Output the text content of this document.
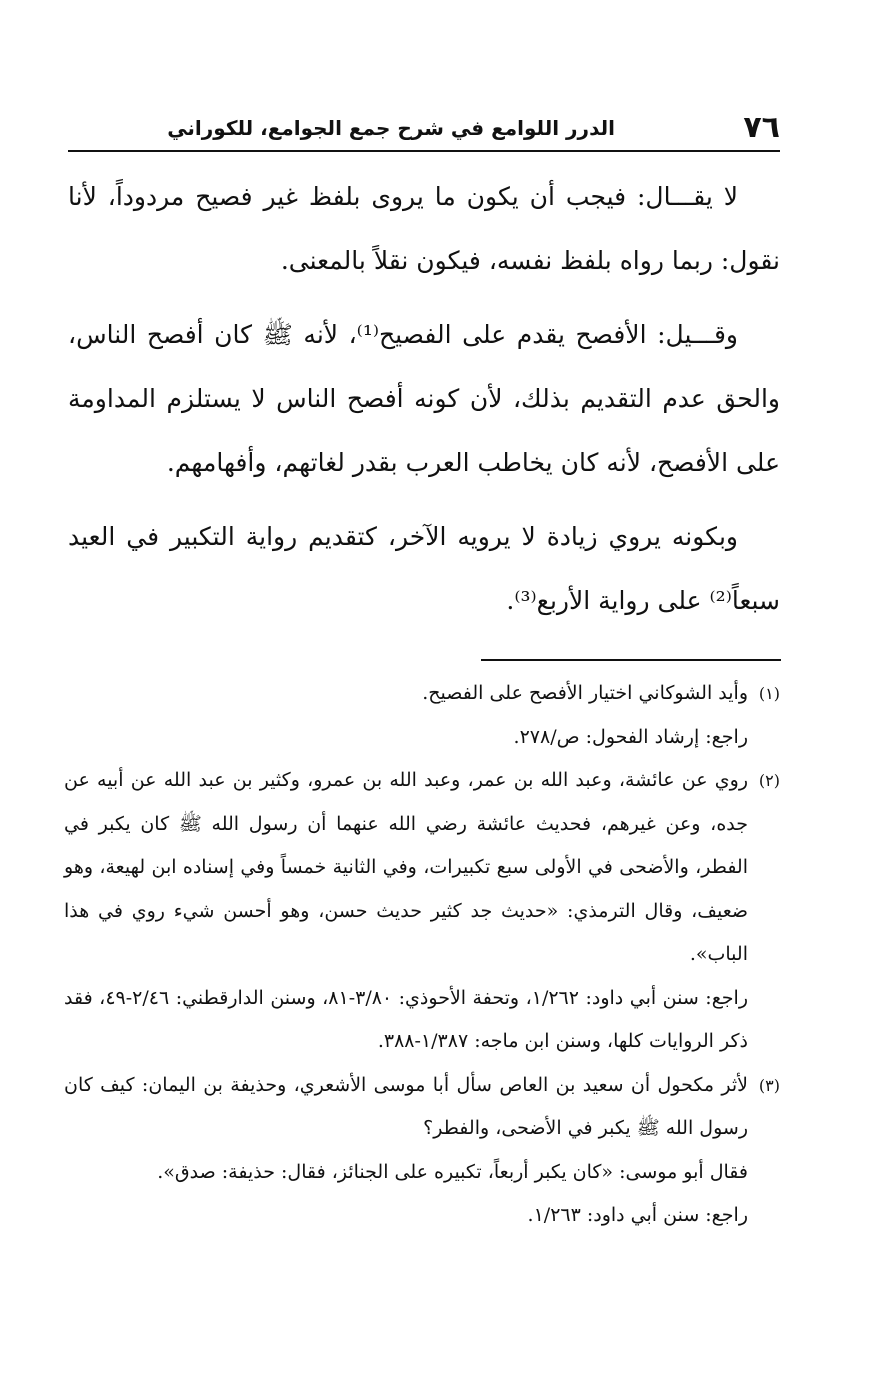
٧٦
الدرر اللوامع في شرح جمع الجوامع، للكوراني

لا يقـــال: فيجب أن يكون ما يروى بلفظ غير فصيح مردوداً، لأنا نقول: ربما رواه بلفظ نفسه، فيكون نقلاً بالمعنى.

وقـــيل: الأفصح يقدم على الفصيح⁽¹⁾، لأنه ﷺ كان أفصح الناس، والحق عدم التقديم بذلك، لأن كونه أفصح الناس لا يستلزم المداومة على الأفصح، لأنه كان يخاطب العرب بقدر لغاتهم، وأفهامهم.

وبكونه يروي زيادة لا يرويه الآخر، كتقديم رواية التكبير في العيد سبعاً⁽²⁾ على رواية الأربع⁽³⁾.

(١)
وأيد الشوكاني اختيار الأفصح على الفصيح.
راجع: إرشاد الفحول: ص/٢٧٨.
(٢)
روي عن عائشة، وعبد الله بن عمر، وعبد الله بن عمرو، وكثير بن عبد الله عن أبيه عن جده، وعن غيرهم، فحديث عائشة رضي الله عنهما أن رسول الله ﷺ كان يكبر في الفطر، والأضحى في الأولى سبع تكبيرات، وفي الثانية خمساً وفي إسناده ابن لهيعة، وهو ضعيف، وقال الترمذي: «حديث جد كثير حديث حسن، وهو أحسن شيء روي في هذا الباب».
راجع: سنن أبي داود: ١/٢٦٢، وتحفة الأحوذي: ٣/٨٠-٨١، وسنن الدارقطني: ٢/٤٦-٤٩، فقد ذكر الروايات كلها، وسنن ابن ماجه: ١/٣٨٧-٣٨٨.
(٣)
لأثر مكحول أن سعيد بن العاص سأل أبا موسى الأشعري، وحذيفة بن اليمان: كيف كان رسول الله ﷺ يكبر في الأضحى، والفطر؟
فقال أبو موسى: «كان يكبر أربعاً، تكبيره على الجنائز، فقال: حذيفة: صدق».
راجع: سنن أبي داود: ١/٢٦٣.
